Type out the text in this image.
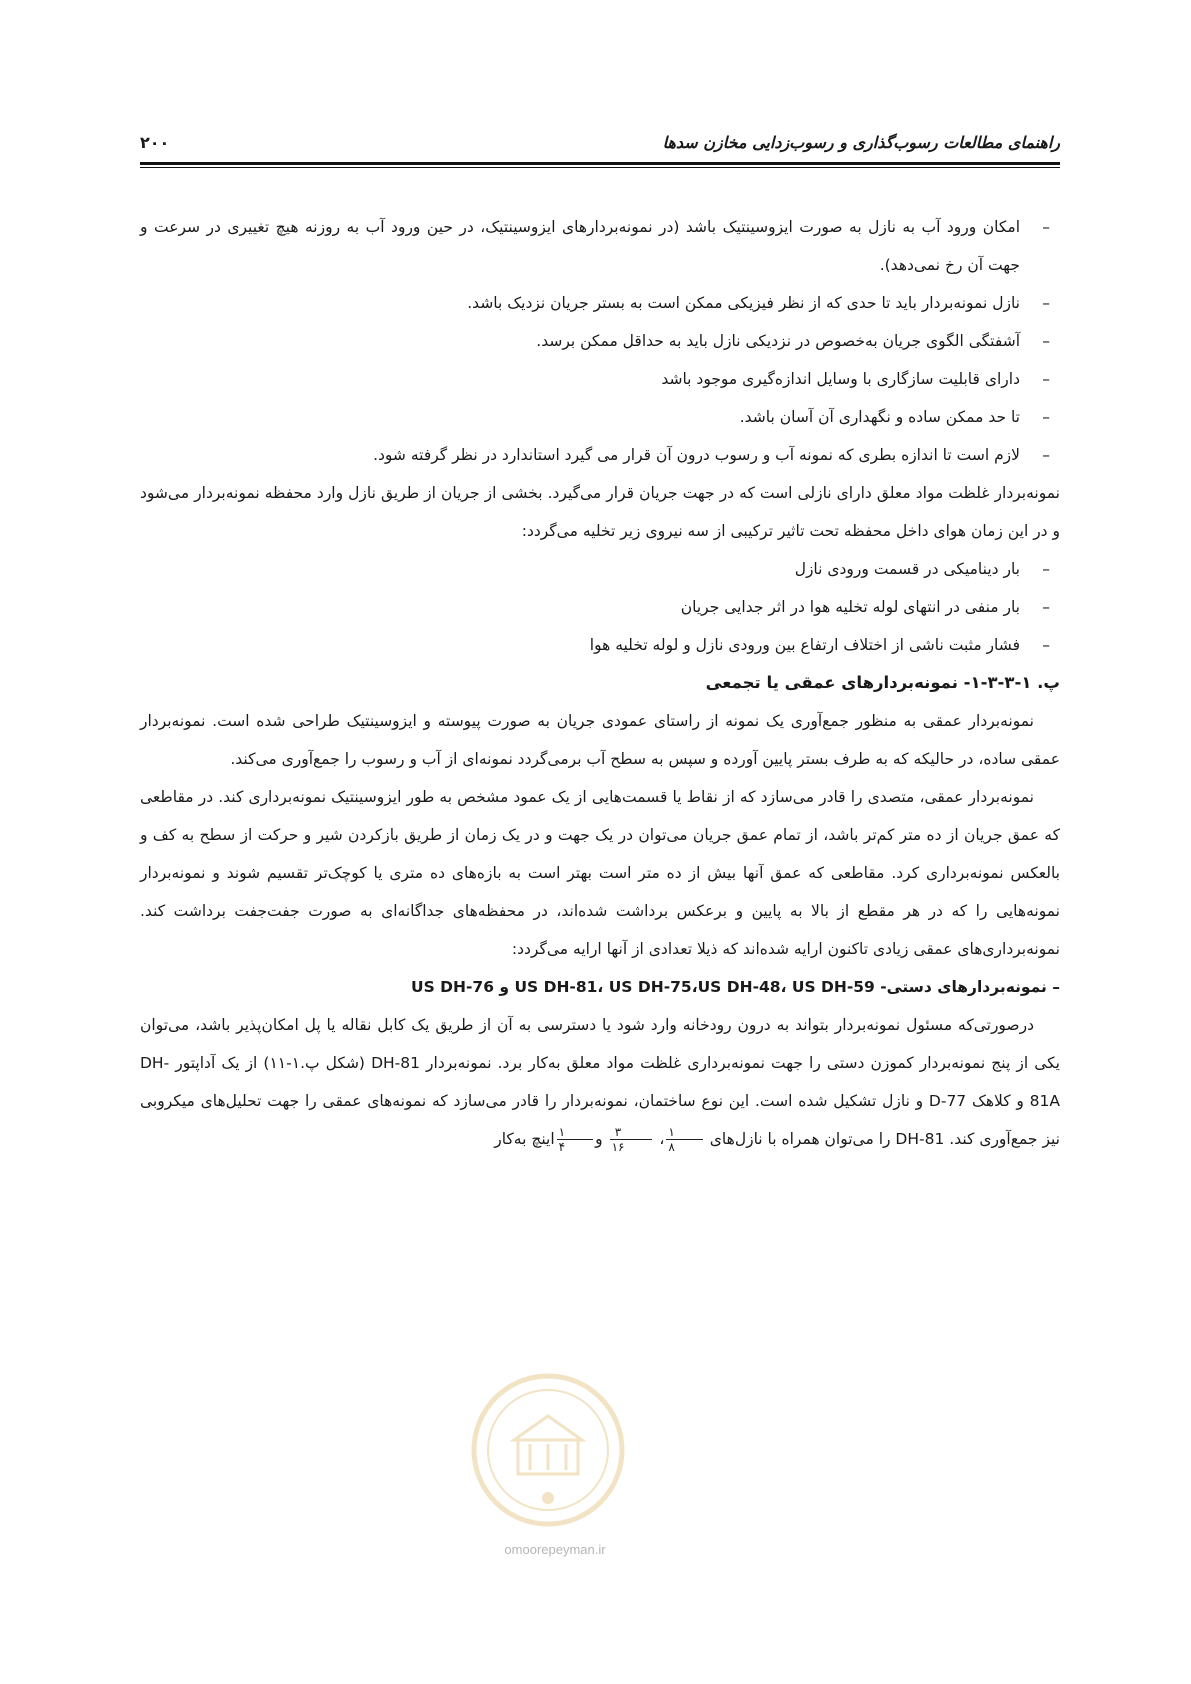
۲۰۰	راهنمای مطالعات رسوب‌گذاری و رسوب‌زدایی مخازن سدها
–
امکان ورود آب به نازل به صورت ایزوسینتیک باشد (در نمونه‌بردارهای ایزوسینتیک، در حین ورود آب به روزنه هیچ تغییری در سرعت و جهت آن رخ نمی‌دهد).
–
نازل نمونه‌بردار باید تا حدی که از نظر فیزیکی ممکن است به بستر جریان نزدیک باشد.
–
آشفتگی الگوی جریان به‌خصوص در نزدیکی نازل باید به حداقل ممکن برسد.
–
دارای قابلیت سازگاری با وسایل اندازه‌گیری موجود باشد
–
تا حد ممکن ساده و نگهداری آن آسان باشد.
–
لازم است تا اندازه بطری که نمونه آب و رسوب درون آن قرار می گیرد استاندارد در نظر گرفته شود.

نمونه‌بردار غلظت مواد معلق دارای نازلی است که در جهت جریان قرار می‌گیرد. بخشی از جریان از طریق نازل وارد محفظه نمونه‌بردار می‌شود و در این زمان هوای داخل محفظه تحت تاثیر ترکیبی از سه نیروی زیر تخلیه می‌گردد:

–
بار دینامیکی در قسمت ورودی نازل
–
بار منفی در انتهای لوله تخلیه هوا در اثر جدایی جریان
–
فشار مثبت ناشی از اختلاف ارتفاع بین ورودی نازل و لوله تخلیه هوا

پ. ۱-۳-۳-۱- نمونه‌بردارهای عمقی یا تجمعی

نمونه‌بردار عمقی به منظور جمع‌آوری یک نمونه از راستای عمودی جریان به صورت پیوسته و ایزوسینتیک طراحی شده است. نمونه‌بردار عمقی ساده، در حالیکه که به طرف بستر پایین آورده و سپس به سطح آب برمی‌گردد نمونه‌ای از آب و رسوب را جمع‌آوری می‌کند.

نمونه‌بردار عمقی، متصدی را قادر می‌سازد که از نقاط یا قسمت‌هایی از یک عمود مشخص به طور ایزوسینتیک نمونه‌برداری کند. در مقاطعی که عمق جریان از ده متر کم‌تر باشد، از تمام عمق جریان می‌توان در یک جهت و در یک زمان از طریق بازکردن شیر و حرکت از سطح به کف و بالعکس نمونه‌برداری کرد. مقاطعی که عمق آنها بیش از ده متر است بهتر است به بازه‌های ده متری یا کوچک‌تر تقسیم شوند و نمونه‌بردار نمونه‌هایی را که در هر مقطع از بالا به پایین و برعکس برداشت شده‌اند، در محفظه‌های جداگانه‌ای به صورت جفت‌جفت برداشت کند. نمونه‌برداری‌های عمقی زیادی تاکنون ارایه شده‌اند که ذیلا تعدادی از آنها ارایه می‌گردد:

– نمونه‌بردارهای دستی- US DH-81، US DH-75،US DH-48، US DH-59 و US DH-76

درصورتی‌که مسئول نمونه‌بردار بتواند به درون رودخانه وارد شود یا دسترسی به آن از طریق یک کابل نقاله یا پل امکان‌پذیر باشد، می‌توان یکی از پنج نمونه‌بردار کموزن دستی را جهت نمونه‌برداری غلظت مواد معلق به‌کار برد. نمونه‌بردار DH-81 (شکل پ.۱-۱۱) از یک آداپتور DH-81A و کلاهک D-77 و نازل تشکیل شده است. این نوع ساختمان، نمونه‌بردار را قادر می‌سازد که نمونه‌های عمقی را جهت تحلیل‌های میکروبی نیز جمع‌آوری کند. DH-81 را می‌توان همراه با نازل‌های
$\frac{۱}{۸}$
،
$\frac{۳}{۱۶}$
و
$\frac{۱}{۴}$
اینچ به‌کار

omoorepeyman.ir
